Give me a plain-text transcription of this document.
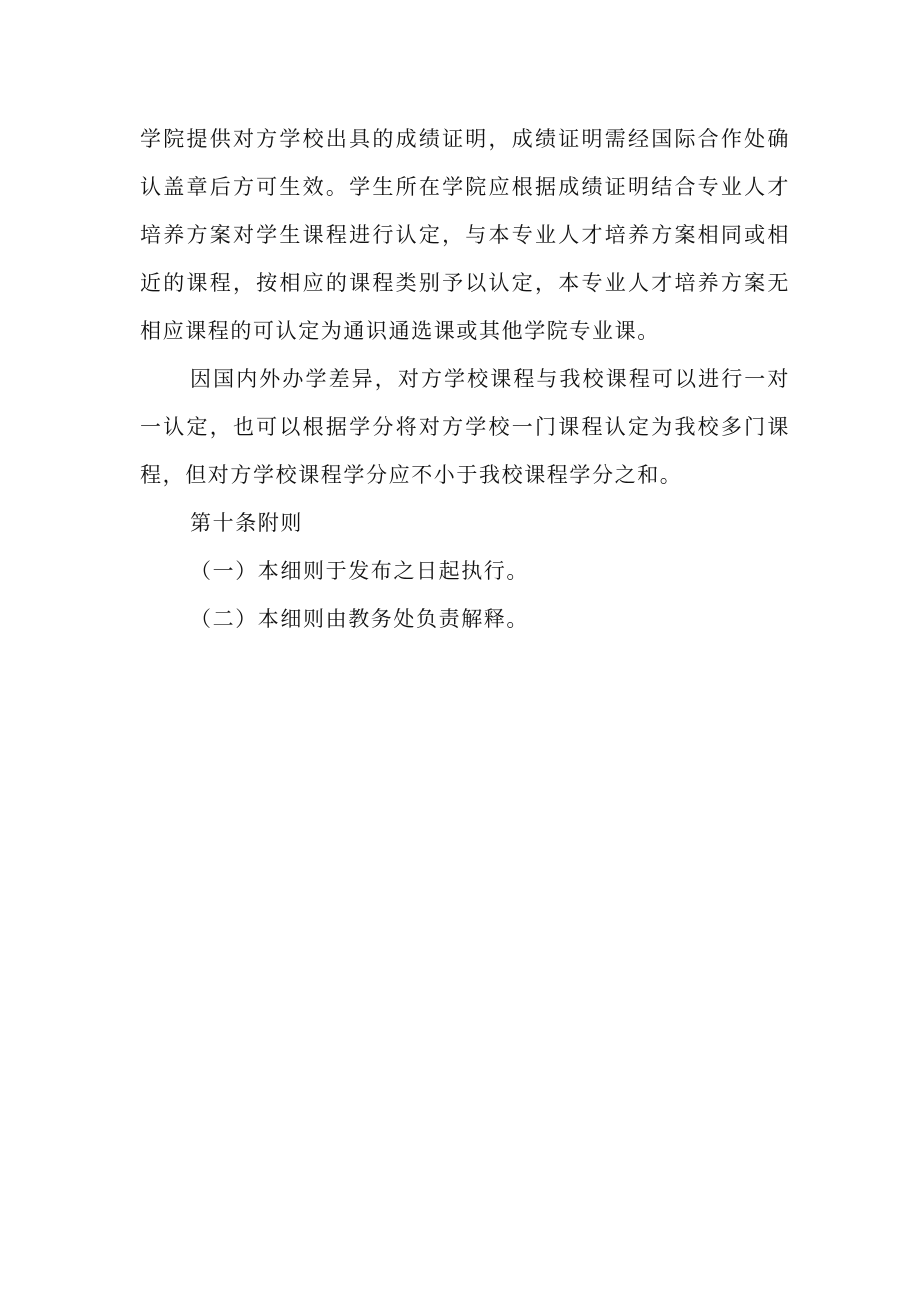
学院提供对方学校出具的成绩证明，成绩证明需经国际合作处确
认盖章后方可生效。学生所在学院应根据成绩证明结合专业人才
培养方案对学生课程进行认定，与本专业人才培养方案相同或相
近的课程，按相应的课程类别予以认定，本专业人才培养方案无
相应课程的可认定为通识通选课或其他学院专业课。
因国内外办学差异，对方学校课程与我校课程可以进行一对
一认定，也可以根据学分将对方学校一门课程认定为我校多门课
程，但对方学校课程学分应不小于我校课程学分之和。
第十条附则
（一）本细则于发布之日起执行。
（二）本细则由教务处负责解释。
